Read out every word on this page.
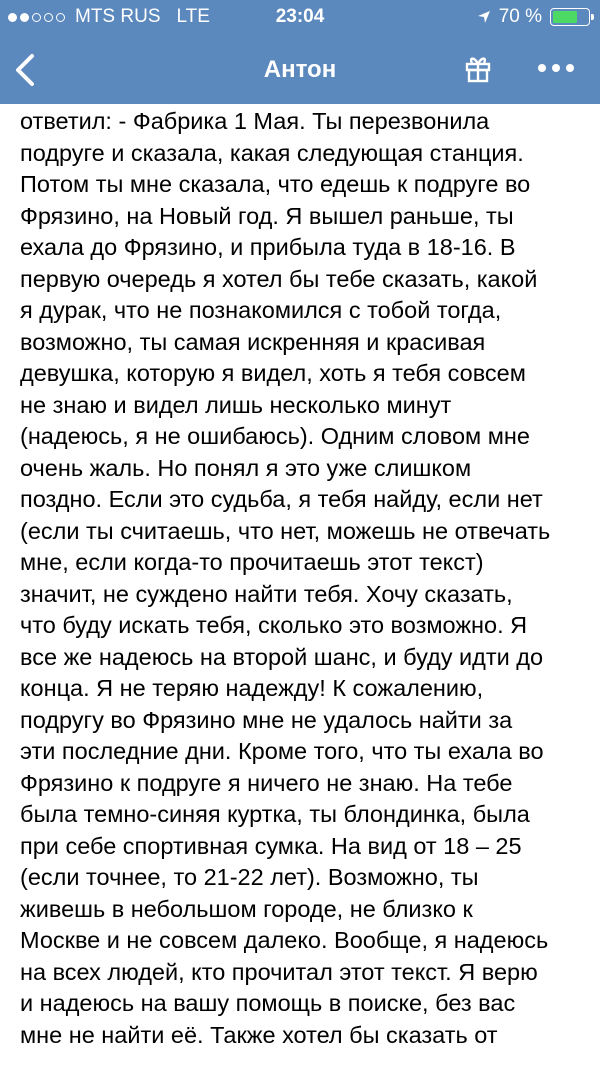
MTS RUS LTE	23:04	70 %
Антон
ответил: - Фабрика 1 Мая. Ты перезвонила
подруге и сказала, какая следующая станция.
Потом ты мне сказала, что едешь к подруге во
Фрязино, на Новый год. Я вышел раньше, ты
ехала до Фрязино, и прибыла туда в 18-16. В
первую очередь я хотел бы тебе сказать, какой
я дурак, что не познакомился с тобой тогда,
возможно, ты самая искренняя и красивая
девушка, которую я видел, хоть я тебя совсем
не знаю и видел лишь несколько минут
(надеюсь, я не ошибаюсь). Одним словом мне
очень жаль. Но понял я это уже слишком
поздно. Если это судьба, я тебя найду, если нет
(если ты считаешь, что нет, можешь не отвечать
мне, если когда-то прочитаешь этот текст)
значит, не суждено найти тебя. Хочу сказать,
что буду искать тебя, сколько это возможно. Я
все же надеюсь на второй шанс, и буду идти до
конца. Я не теряю надежду! К сожалению,
подругу во Фрязино мне не удалось найти за
эти последние дни. Кроме того, что ты ехала во
Фрязино к подруге я ничего не знаю. На тебе
была темно-синяя куртка, ты блондинка, была
при себе спортивная сумка. На вид от 18 – 25
(если точнее, то 21-22 лет). Возможно, ты
живешь в небольшом городе, не близко к
Москве и не совсем далеко. Вообще, я надеюсь
на всех людей, кто прочитал этот текст. Я верю
и надеюсь на вашу помощь в поиске, без вас
мне не найти её. Также хотел бы сказать от
